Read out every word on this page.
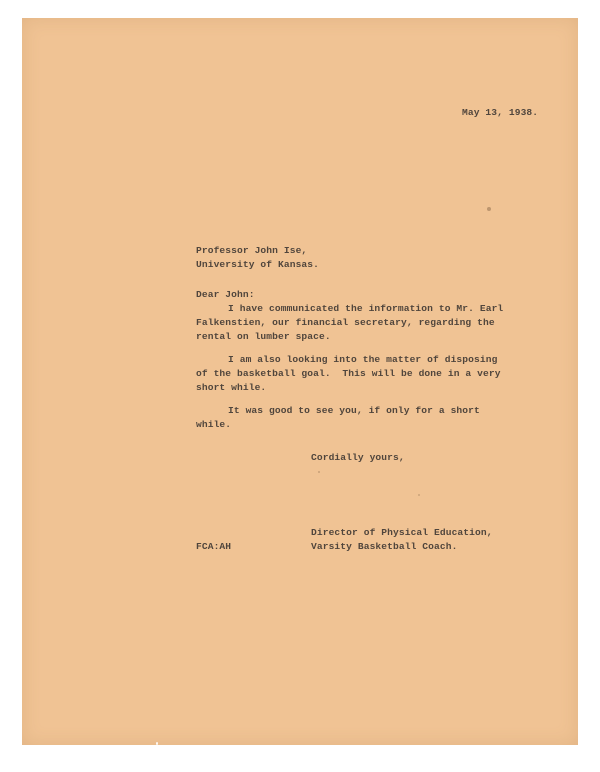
May 13, 1938.
Professor John Ise,
University of Kansas.
Dear John:
I have communicated the information to Mr. Earl
Falkenstien, our financial secretary, regarding the
rental on lumber space.
I am also looking into the matter of disposing
of the basketball goal.  This will be done in a very
short while.
It was good to see you, if only for a short
while.
Cordially yours,
Director of Physical Education,
Varsity Basketball Coach.
FCA:AH
